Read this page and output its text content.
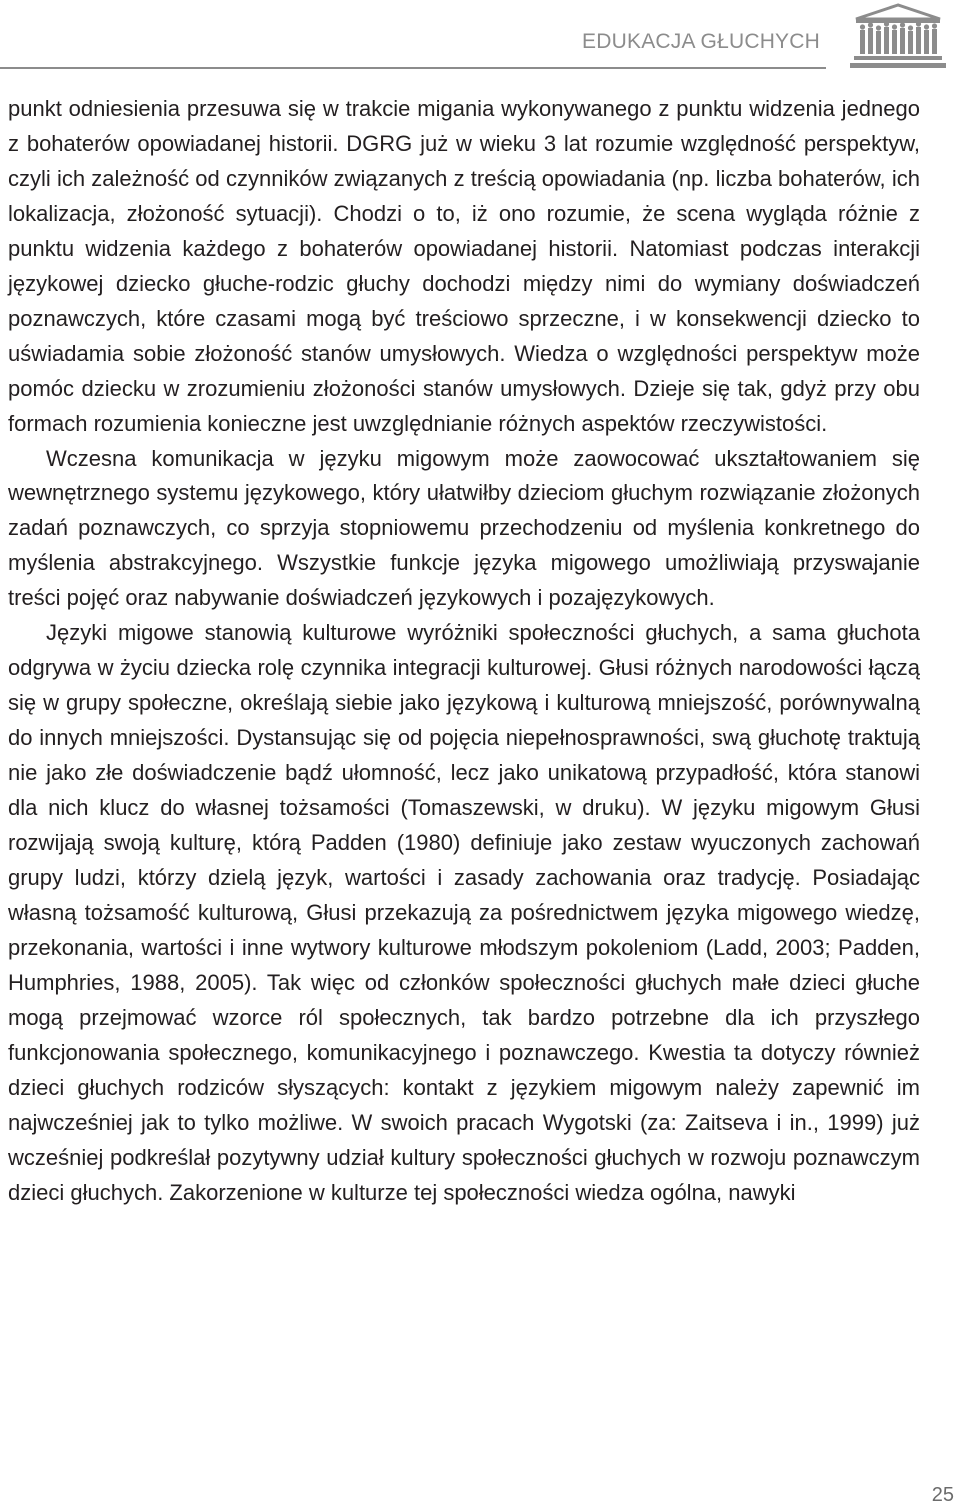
EDUKACJA GŁUCHYCH

punkt odniesienia przesuwa się w trakcie migania wykonywanego z punktu widzenia jednego z bohaterów opowiadanej historii. DGRG już w wieku 3 lat rozumie względność perspektyw, czyli ich zależność od czynników związanych z treścią opowiadania (np. liczba bohaterów, ich lokalizacja, złożoność sytuacji). Chodzi o to, iż ono rozumie, że scena wygląda różnie z punktu widzenia każdego z bohaterów opowiadanej historii. Natomiast podczas interakcji językowej dziecko głuche-rodzic głuchy dochodzi między nimi do wymiany doświadczeń poznawczych, które czasami mogą być treściowo sprzeczne, i w konsekwencji dziecko to uświadamia sobie złożoność stanów umysłowych. Wiedza o względności perspektyw może pomóc dziecku w zrozumieniu złożoności stanów umysłowych. Dzieje się tak, gdyż przy obu formach rozumienia konieczne jest uwzględnianie różnych aspektów rzeczywistości.

Wczesna komunikacja w języku migowym może zaowocować ukształtowaniem się wewnętrznego systemu językowego, który ułatwiłby dzieciom głuchym rozwiązanie złożonych zadań poznawczych, co sprzyja stopniowemu przechodzeniu od myślenia konkretnego do myślenia abstrakcyjnego. Wszystkie funkcje języka migowego umożliwiają przyswajanie treści pojęć oraz nabywanie doświadczeń językowych i pozajęzykowych.

Języki migowe stanowią kulturowe wyróżniki społeczności głuchych, a sama głuchota odgrywa w życiu dziecka rolę czynnika integracji kulturowej. Głusi różnych narodowości łączą się w grupy społeczne, określają siebie jako językową i kulturową mniejszość, porównywalną do innych mniejszości. Dystansując się od pojęcia niepełnosprawności, swą głuchotę traktują nie jako złe doświadczenie bądź ułomność, lecz jako unikatową przypadłość, która stanowi dla nich klucz do własnej tożsamości (Tomaszewski, w druku). W języku migowym Głusi rozwijają swoją kulturę, którą Padden (1980) definiuje jako zestaw wyuczonych zachowań grupy ludzi, którzy dzielą język, wartości i zasady zachowania oraz tradycję. Posiadając własną tożsamość kulturową, Głusi przekazują za pośrednictwem języka migowego wiedzę, przekonania, wartości i inne wytwory kulturowe młodszym pokoleniom (Ladd, 2003; Padden, Humphries, 1988, 2005). Tak więc od członków społeczności głuchych małe dzieci głuche mogą przejmować wzorce ról społecznych, tak bardzo potrzebne dla ich przyszłego funkcjonowania społecznego, komunikacyjnego i poznawczego. Kwestia ta dotyczy również dzieci głuchych rodziców słyszących: kontakt z językiem migowym należy zapewnić im najwcześniej jak to tylko możliwe. W swoich pracach Wygotski (za: Zaitseva i in., 1999) już wcześniej podkreślał pozytywny udział kultury społeczności głuchych w rozwoju poznawczym dzieci głuchych. Zakorzenione w kulturze tej społeczności wiedza ogólna, nawyki

25
